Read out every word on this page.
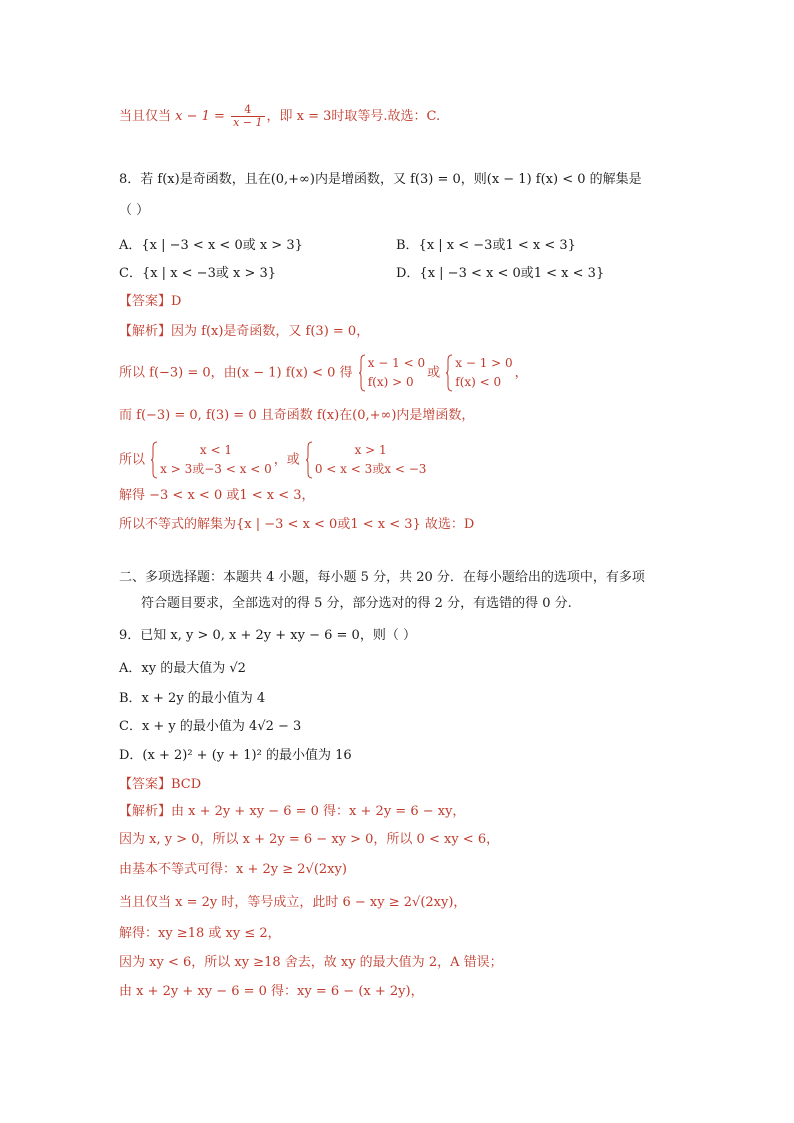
当且仅当 $x - 1 = \frac{4}{x - 1}$ ，即 x = 3时取等号.故选：C.
8．若 f(x)是奇函数，且在(0,+∞)内是增函数，又 f(3) = 0，则(x − 1) f(x) < 0 的解集是
（ ）
A．{x | −3 < x < 0或 x > 3}	B．{x | x < −3或1 < x < 3}
C．{x | x < −3或 x > 3}	D．{x | −3 < x < 0或1 < x < 3}
【答案】D
【解析】因为 f(x)是奇函数，又 f(3) = 0，
所以 f(−3) = 0，由(x − 1) f(x) < 0 得
x − 1 < 0
f(x) > 0
或
x − 1 > 0
f(x) < 0
，
而 f(−3) = 0, f(3) = 0 且奇函数 f(x)在(0,+∞)内是增函数，
所以
x < 1
x > 3或−3 < x < 0
，或
x > 1
0 < x < 3或x < −3
解得 −3 < x < 0 或1 < x < 3，
所以不等式的解集为{x | −3 < x < 0或1 < x < 3} 故选：D
二、多项选择题：本题共 4 小题，每小题 5 分，共 20 分．在每小题给出的选项中，有多项
符合题目要求，全部选对的得 5 分，部分选对的得 2 分，有选错的得 0 分.
9．已知 x, y > 0, x + 2y + xy − 6 = 0，则（ ）
A．xy 的最大值为 √2
B．x + 2y 的最小值为 4
C．x + y 的最小值为 4√2 − 3
D．(x + 2)² + (y + 1)² 的最小值为 16
【答案】BCD
【解析】由 x + 2y + xy − 6 = 0 得：x + 2y = 6 − xy，
因为 x, y > 0，所以 x + 2y = 6 − xy > 0，所以 0 < xy < 6，
由基本不等式可得：x + 2y ≥ 2√(2xy)
当且仅当 x = 2y 时，等号成立，此时 6 − xy ≥ 2√(2xy)，
解得：xy ≥18 或 xy ≤ 2，
因为 xy < 6，所以 xy ≥18 舍去，故 xy 的最大值为 2，A 错误；
由 x + 2y + xy − 6 = 0 得：xy = 6 − (x + 2y)，
